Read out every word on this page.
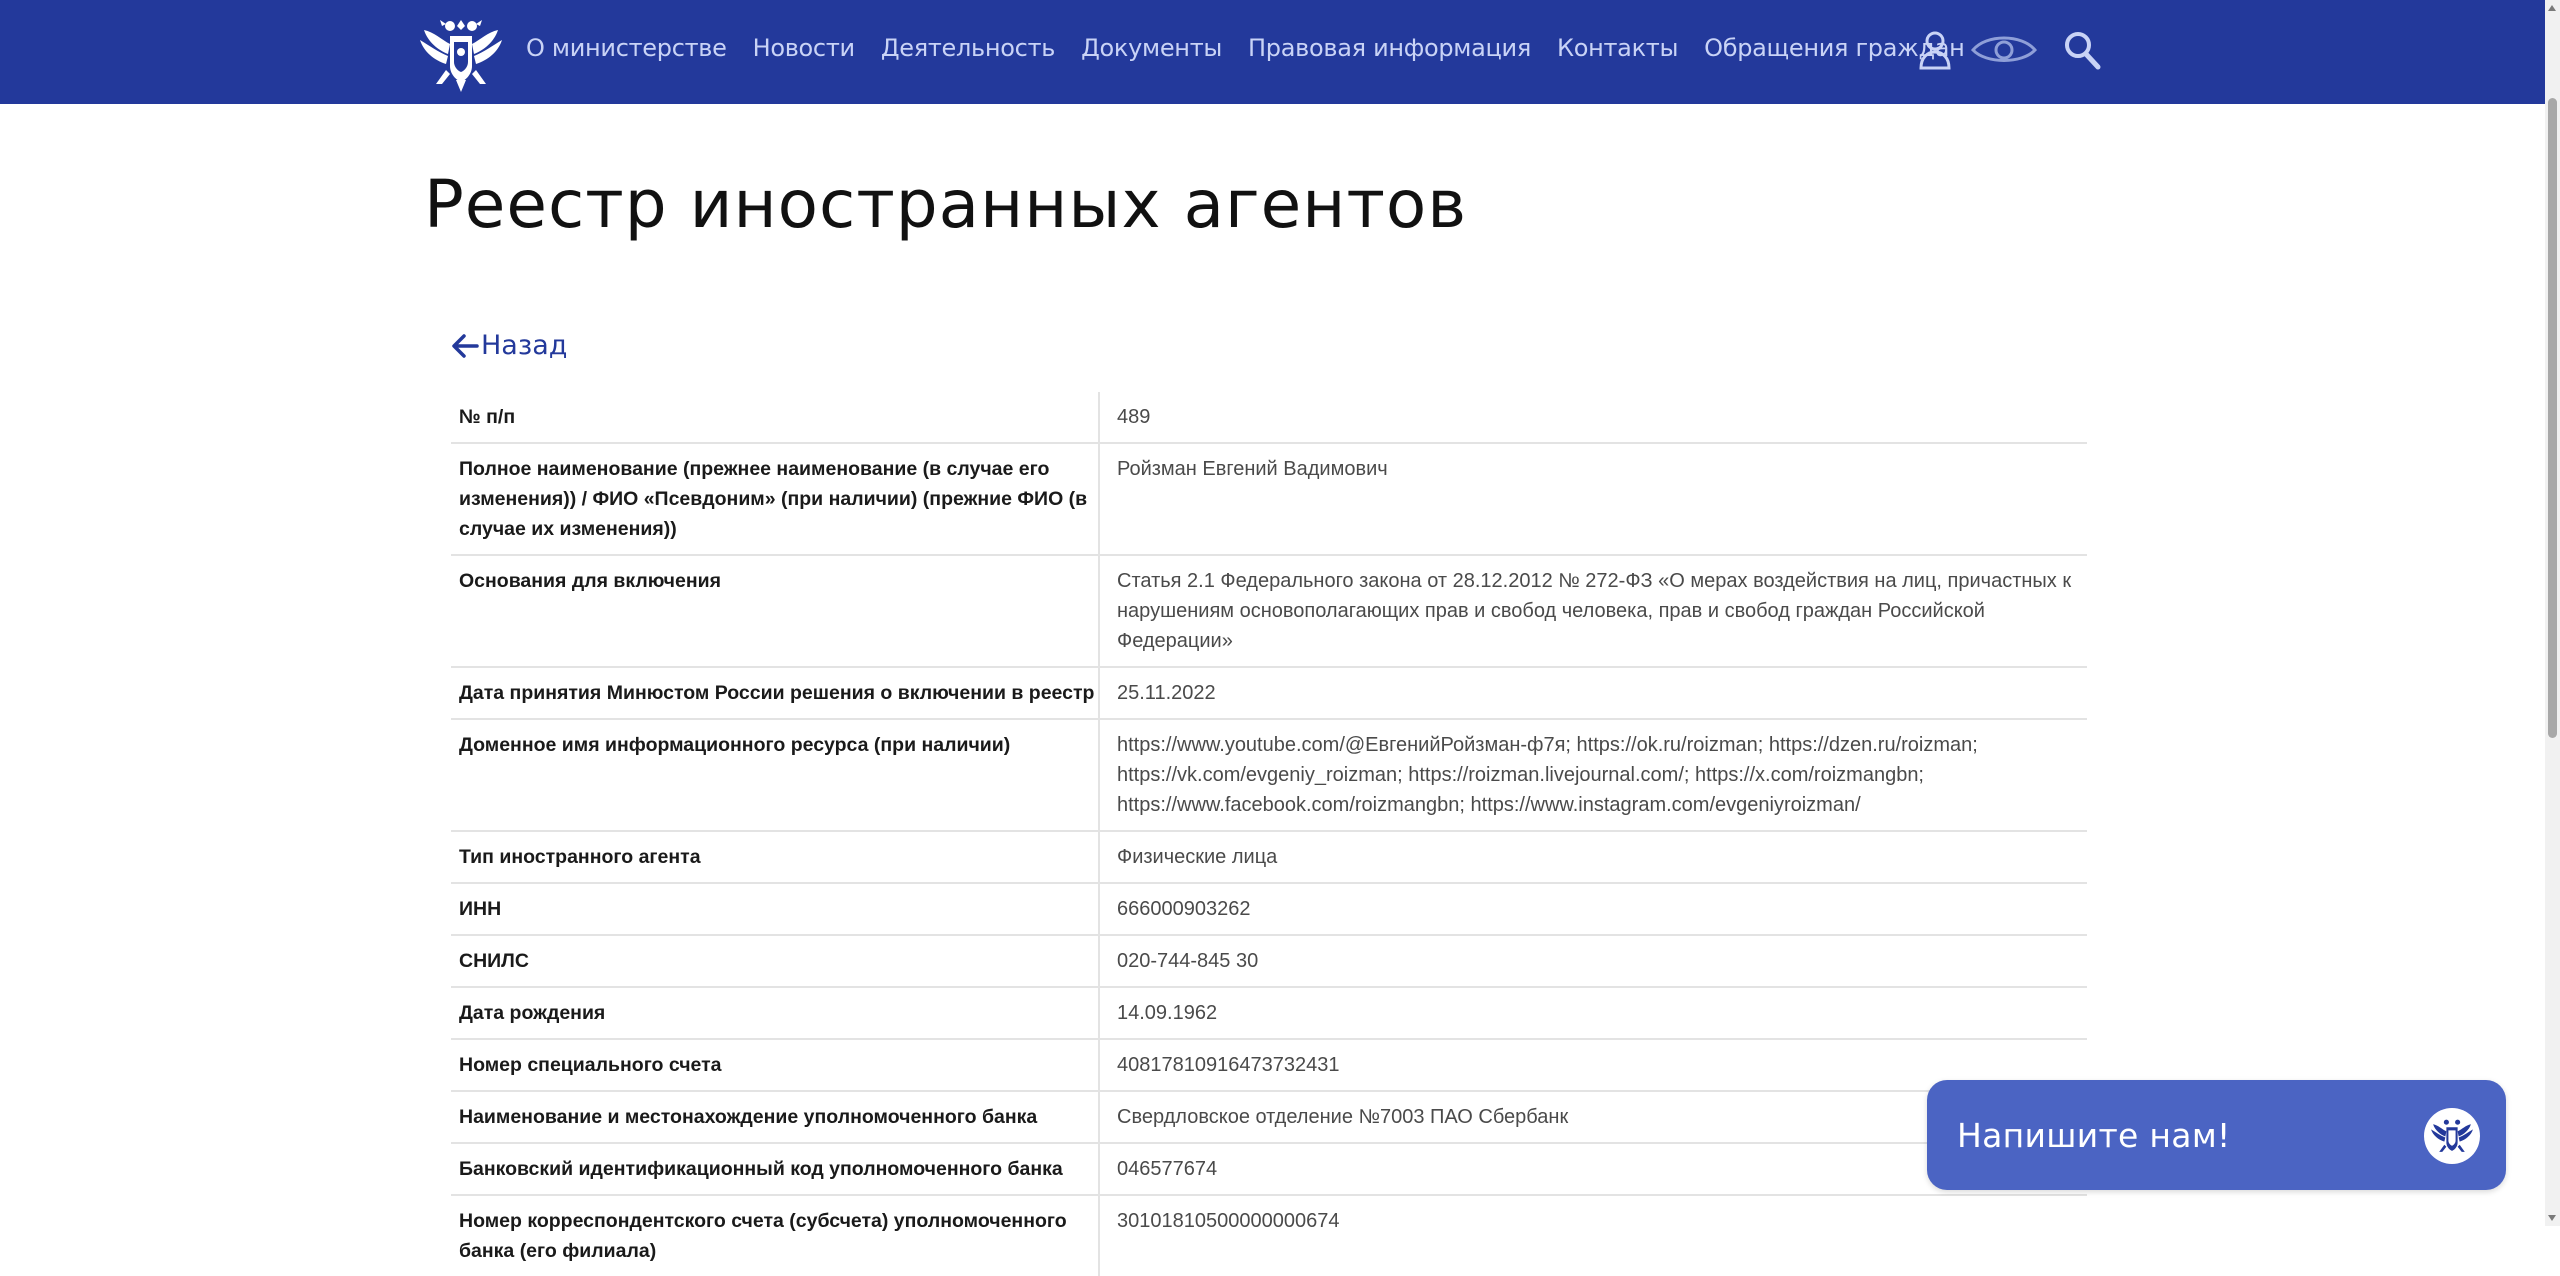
О министерстве Новости Деятельность Документы Правовая информация Контакты Обращения граждан
Реестр иностранных агентов
Назад
№ п/п	489
Полное наименование (прежнее наименование (в случае его изменения)) / ФИО «Псевдоним» (при наличии) (прежние ФИО (в случае их изменения))	Ройзман Евгений Вадимович
Основания для включения	Статья 2.1 Федерального закона от 28.12.2012 № 272-ФЗ «О мерах воздействия на лиц, причастных к нарушениям основополагающих прав и свобод человека, прав и свобод граждан Российской Федерации»
Дата принятия Минюстом России решения о включении в реестр	25.11.2022
Доменное имя информационного ресурса (при наличии)	https://www.youtube.com/@ЕвгенийРойзман-ф7я; https://ok.ru/roizman; https://dzen.ru/roizman; https://vk.com/evgeniy_roizman; https://roizman.livejournal.com/; https://x.com/roizmangbn; https://www.facebook.com/roizmangbn; https://www.instagram.com/evgeniyroizman/
Тип иностранного агента	Физические лица
ИНН	666000903262
СНИЛС	020-744-845 30
Дата рождения	14.09.1962
Номер специального счета	40817810916473732431
Наименование и местонахождение уполномоченного банка	Свердловское отделение №7003 ПАО Сбербанк
Банковский идентификационный код уполномоченного банка	046577674
Номер корреспондентского счета (субсчета) уполномоченного банка (его филиала)	30101810500000000674
Напишите нам!
